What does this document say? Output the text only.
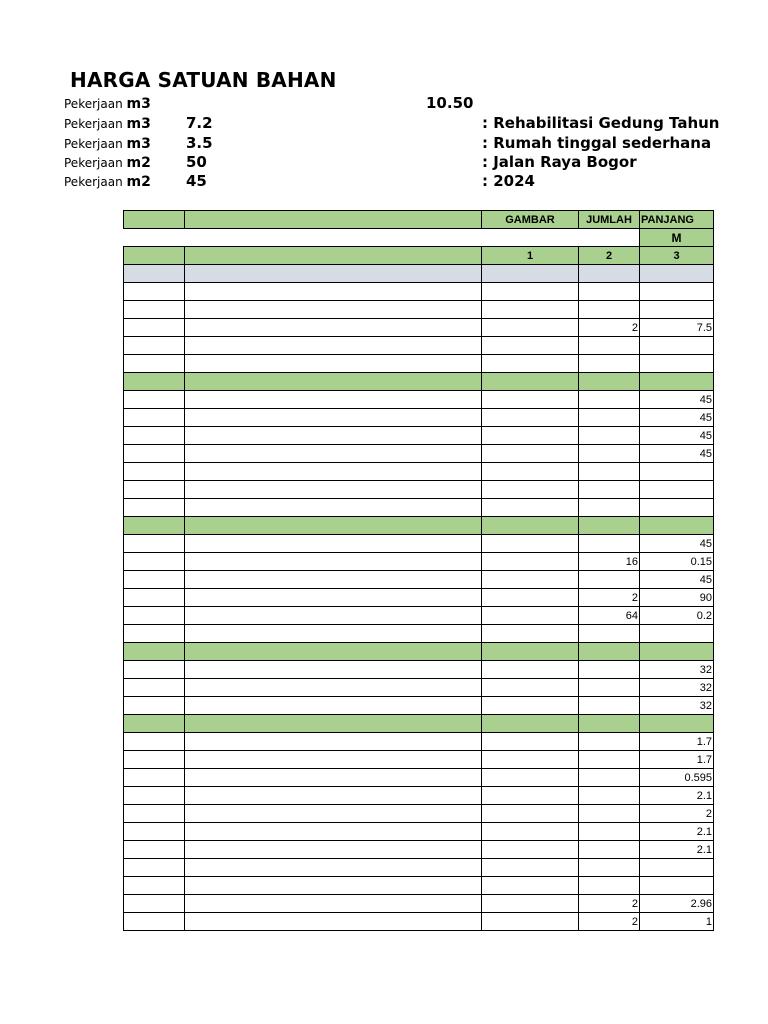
HARGA SATUAN BAHAN
Pekerjaan m3	10.50
Pekerjaan m3 7.2	: Rehabilitasi Gedung Tahun
Pekerjaan m3 3.5	: Rumah tinggal sederhana
Pekerjaan m2 50	: Jalan Raya Bogor
Pekerjaan m2 45	: 2024
		GAMBAR	JUMLAH	PANJANG
				M
		1	2	3

			2	7.5

				45
				45
				45
				45

				45
			16	0.15
				45
			2	90
			64	0.2

				32
				32
				32

				1.7
				1.7
				0.595
				2.1
				2
				2.1
				2.1

			2	2.96
			2	1
